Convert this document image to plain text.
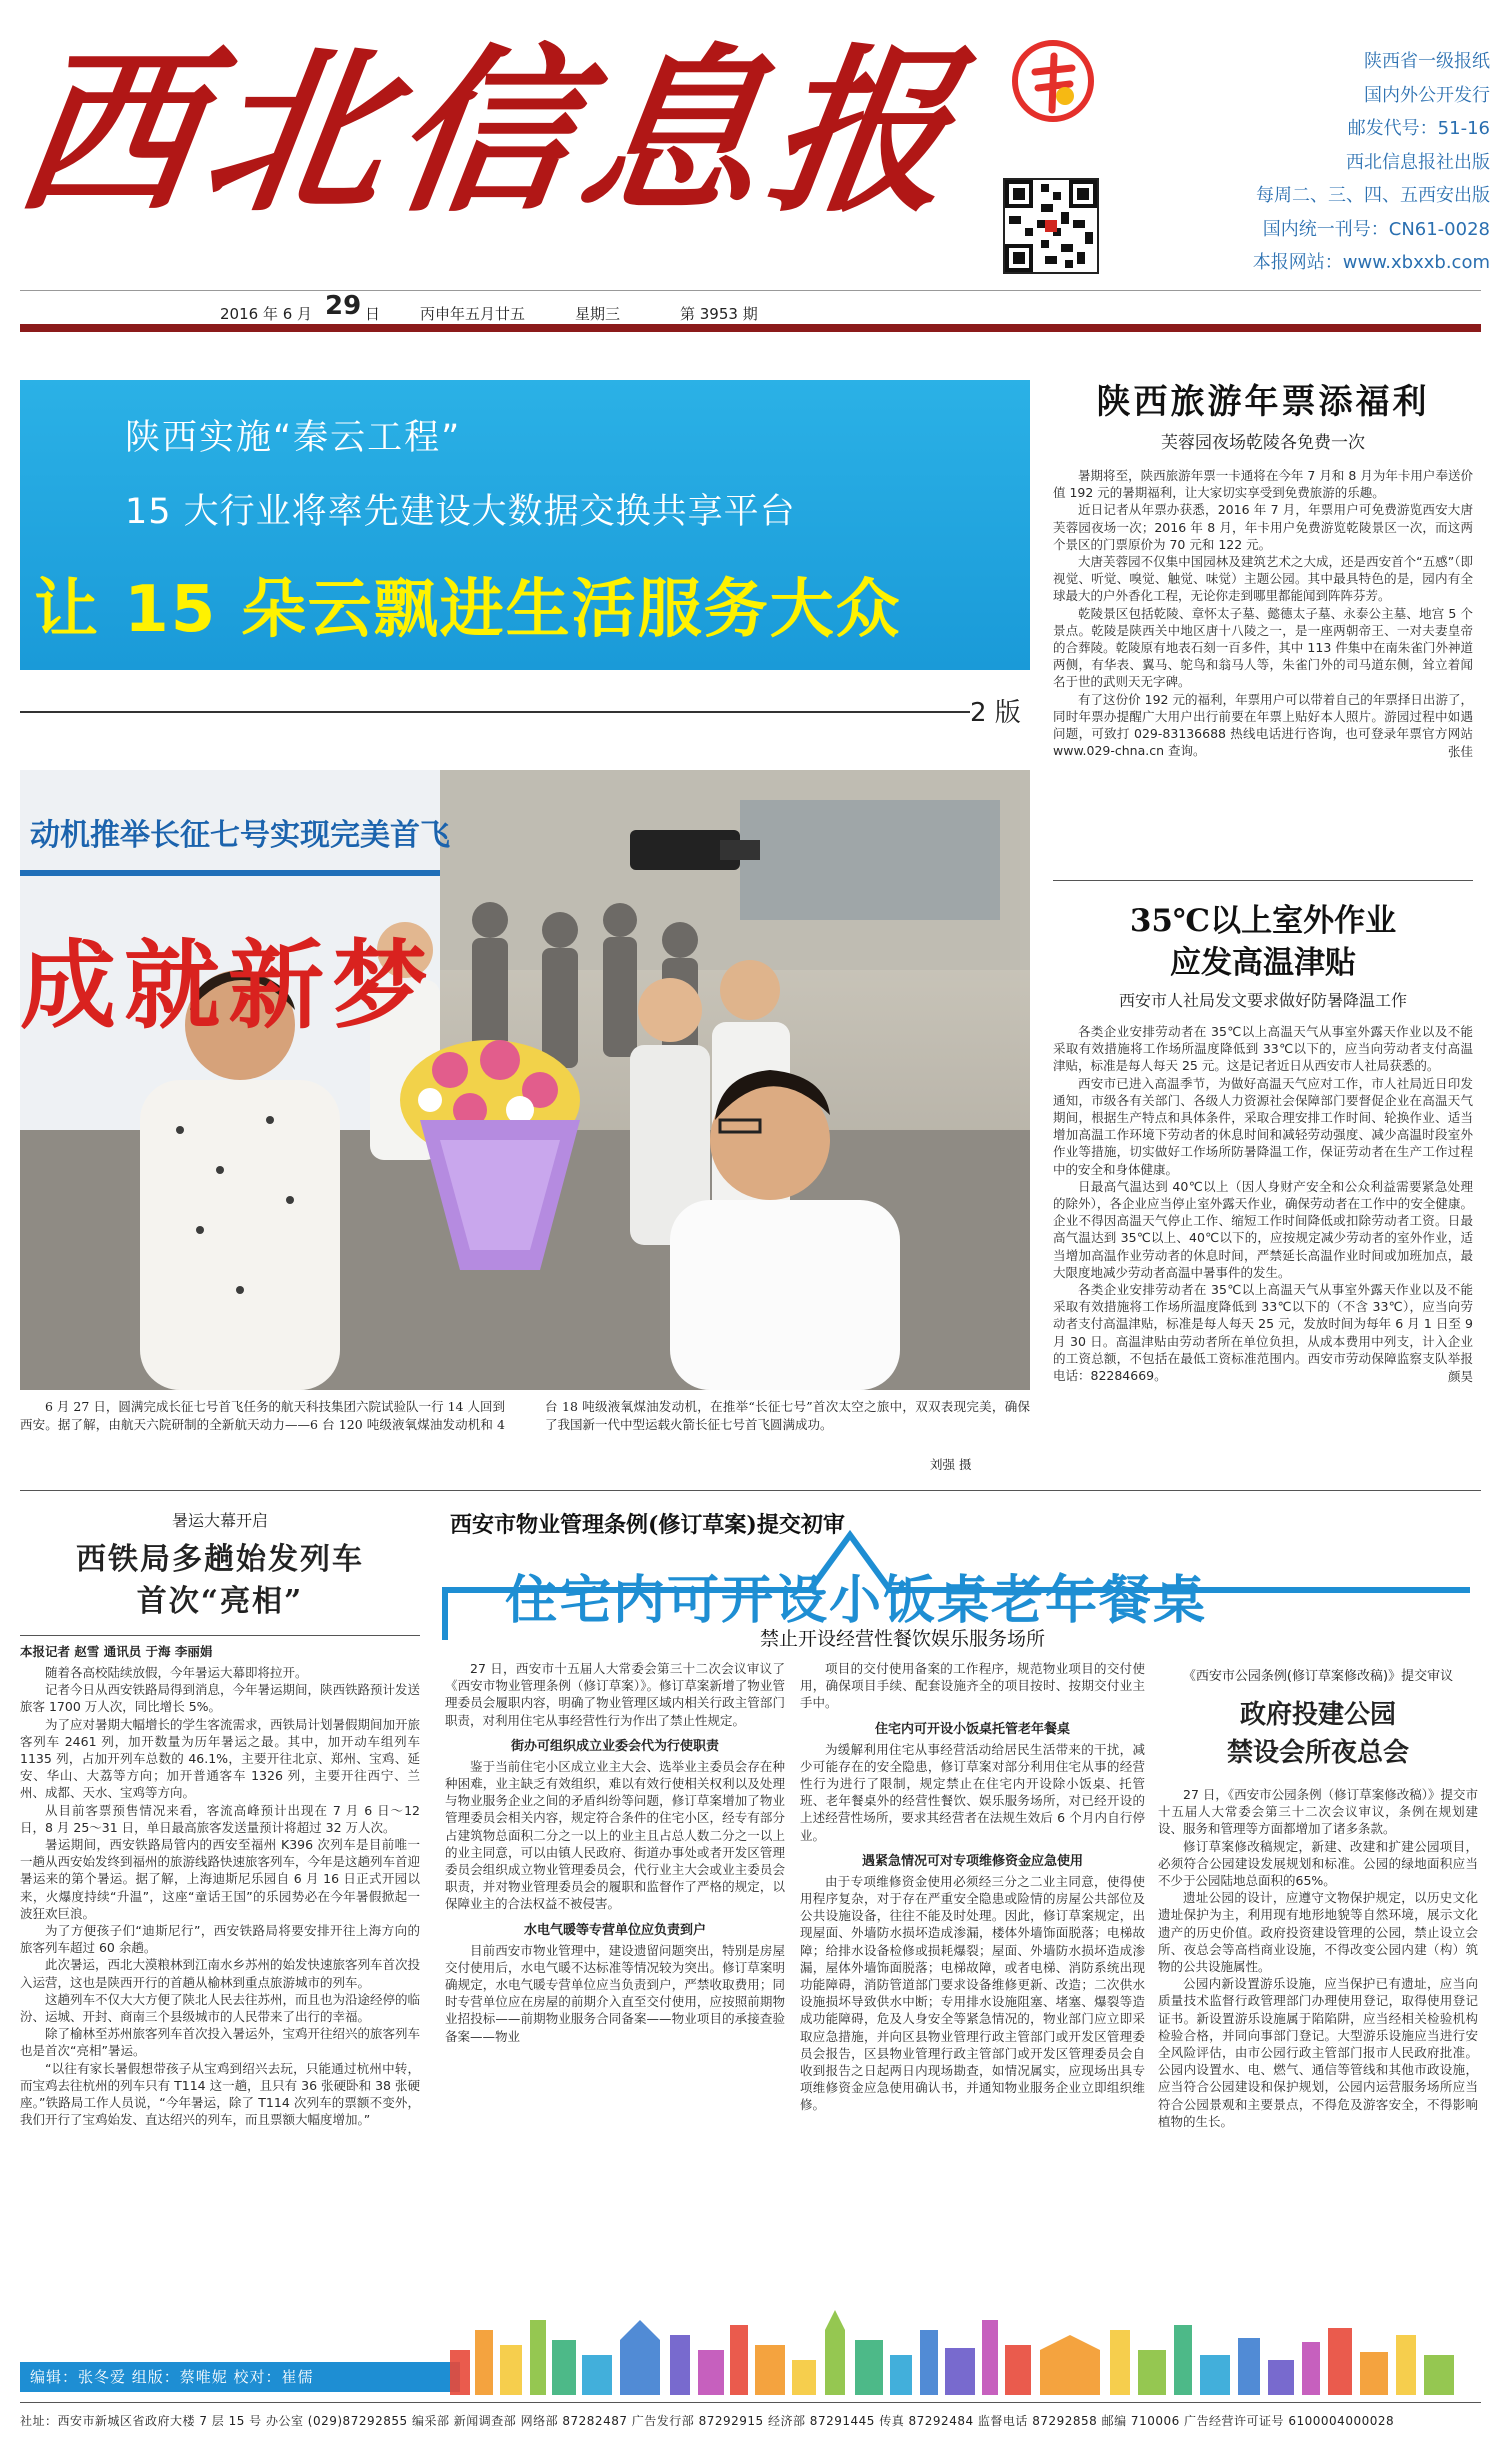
西北信息报	陕西省一级报纸
国内外公开发行
邮发代号：51-16
西北信息报社出版
每周二、三、四、五西安出版
国内统一刊号：CN61-0028
本报网站：www.xbxxb.com
2016 年 6 月 29 日	丙申年五月廿五	星期三	第 3953 期
陕西实施“秦云工程”
15 大行业将率先建设大数据交换共享平台
让 15 朵云飘进生活服务大众
2 版
成就新梦
动机推举长征七号实现完美首飞
6 月 27 日，圆满完成长征七号首飞任务的航天科技集团六院试验队一行 14 人回到西安。据了解，由航天六院研制的全新航天动力——6 台 120 吨级液氧煤油发动机和 4 台 18 吨级液氧煤油发动机，在推举“长征七号”首次太空之旅中，双双表现完美，确保了我国新一代中型运载火箭长征七号首飞圆满成功。
刘强 摄
陕西旅游年票添福利
芙蓉园夜场乾陵各免费一次

暑期将至，陕西旅游年票一卡通将在今年 7 月和 8 月为年卡用户奉送价值 192 元的暑期福利，让大家切实享受到免费旅游的乐趣。

近日记者从年票办获悉，2016 年 7 月，年票用户可免费游览西安大唐芙蓉园夜场一次；2016 年 8 月，年卡用户免费游览乾陵景区一次，而这两个景区的门票原价为 70 元和 122 元。

大唐芙蓉园不仅集中国园林及建筑艺术之大成，还是西安首个“五感”（即视觉、听觉、嗅觉、触觉、味觉）主题公园。其中最具特色的是，园内有全球最大的户外香化工程，无论你走到哪里都能闻到阵阵芬芳。

乾陵景区包括乾陵、章怀太子墓、懿德太子墓、永泰公主墓、地宫 5 个景点。乾陵是陕西关中地区唐十八陵之一，是一座两朝帝王、一对夫妻皇帝的合葬陵。乾陵原有地表石刻一百多件，其中 113 件集中在南朱雀门外神道两侧，有华表、翼马、鸵鸟和翁马人等，朱雀门外的司马道东侧，耸立着闻名于世的武则天无字碑。

有了这份价 192 元的福利，年票用户可以带着自己的年票择日出游了，同时年票办提醒广大用户出行前要在年票上贴好本人照片。游园过程中如遇问题，可致打 029-83136688 热线电话进行咨询，也可登录年票官方网站 www.029-chna.cn 查询。	张佳
35℃以上室外作业
应发高温津贴
西安市人社局发文要求做好防暑降温工作

各类企业安排劳动者在 35℃以上高温天气从事室外露天作业以及不能采取有效措施将工作场所温度降低到 33℃以下的，应当向劳动者支付高温津贴，标准是每人每天 25 元。这是记者近日从西安市人社局获悉的。

西安市已进入高温季节，为做好高温天气应对工作，市人社局近日印发通知，市级各有关部门、各级人力资源社会保障部门要督促企业在高温天气期间，根据生产特点和具体条件，采取合理安排工作时间、轮换作业、适当增加高温工作环境下劳动者的休息时间和减轻劳动强度、减少高温时段室外作业等措施，切实做好工作场所防暑降温工作，保证劳动者在生产工作过程中的安全和身体健康。

日最高气温达到 40℃以上（因人身财产安全和公众利益需要紧急处理的除外），各企业应当停止室外露天作业，确保劳动者在工作中的安全健康。企业不得因高温天气停止工作、缩短工作时间降低或扣除劳动者工资。日最高气温达到 35℃以上、40℃以下的，应按规定减少劳动者的室外作业，适当增加高温作业劳动者的休息时间，严禁延长高温作业时间或加班加点，最大限度地减少劳动者高温中暑事件的发生。

各类企业安排劳动者在 35℃以上高温天气从事室外露天作业以及不能采取有效措施将工作场所温度降低到 33℃以下的（不含 33℃），应当向劳动者支付高温津贴，标准是每人每天 25 元，发放时间为每年 6 月 1 日至 9 月 30 日。高温津贴由劳动者所在单位负担，从成本费用中列支，计入企业的工资总额，不包括在最低工资标准范围内。西安市劳动保障监察支队举报电话：82284669。	颜昊
暑运大幕开启
西铁局多趟始发列车
首次“亮相”
本报记者 赵雪 通讯员 于海 李丽娟

随着各高校陆续放假，今年暑运大幕即将拉开。

记者今日从西安铁路局得到消息，今年暑运期间，陕西铁路预计发送旅客 1700 万人次，同比增长 5%。

为了应对暑期大幅增长的学生客流需求，西铁局计划暑假期间加开旅客列车 2461 列，加开数量为历年暑运之最。其中，加开动车组列车 1135 列，占加开列车总数的 46.1%，主要开往北京、郑州、宝鸡、延安、华山、大荔等方向；加开普通客车 1326 列，主要开往西宁、兰州、成都、天水、宝鸡等方向。

从目前客票预售情况来看，客流高峰预计出现在 7 月 6 日～12 日，8 月 25～31 日，单日最高旅客发送量预计将超过 32 万人次。

暑运期间，西安铁路局管内的西安至福州 K396 次列车是目前唯一一趟从西安始发终到福州的旅游线路快速旅客列车，今年是这趟列车首迎暑运来的第个暑运。据了解，上海迪斯尼乐园自 6 月 16 日正式开园以来，火爆度持续“升温”，这座“童话王国”的乐园势必在今年暑假掀起一波狂欢巨浪。

为了方便孩子们“迪斯尼行”，西安铁路局将要安排开往上海方向的旅客列车超过 60 余趟。

此次暑运，西北大漠粮林到江南水乡苏州的始发快速旅客列车首次投入运营，这也是陕西开行的首趟从榆林到重点旅游城市的列车。

这趟列车不仅大大方便了陕北人民去往苏州，而且也为沿途经停的临汾、运城、开封、商南三个县级城市的人民带来了出行的幸福。

除了榆林至苏州旅客列车首次投入暑运外，宝鸡开往绍兴的旅客列车也是首次“亮相”暑运。

“以往有家长暑假想带孩子从宝鸡到绍兴去玩，只能通过杭州中转，而宝鸡去往杭州的列车只有 T114 这一趟，且只有 36 张硬卧和 38 张硬座。”铁路局工作人员说，“今年暑运，除了 T114 次列车的票额不变外，我们开行了宝鸡始发、直达绍兴的列车，而且票额大幅度增加。”

编辑：张冬爱 组版：蔡唯妮 校对：崔儒
西安市物业管理条例(修订草案)提交初审
住宅内可开设小饭桌老年餐桌
禁止开设经营性餐饮娱乐服务场所

27 日，西安市十五届人大常委会第三十二次会议审议了《西安市物业管理条例（修订草案）》。修订草案新增了物业管理委员会履职内容，明确了物业管理区域内相关行政主管部门职责，对利用住宅从事经营性行为作出了禁止性规定。

街办可组织成立业委会代为行使职责

鉴于当前住宅小区成立业主大会、选举业主委员会存在种种困难，业主缺乏有效组织，难以有效行使相关权利以及处理与物业服务企业之间的矛盾纠纷等问题，修订草案增加了物业管理委员会相关内容，规定符合条件的住宅小区，经专有部分占建筑物总面积二分之一以上的业主且占总人数二分之一以上的业主同意，可以由镇人民政府、街道办事处或者开发区管理委员会组织成立物业管理委员会，代行业主大会或业主委员会职责，并对物业管理委员会的履职和监督作了严格的规定，以保障业主的合法权益不被侵害。

水电气暖等专营单位应负责到户

目前西安市物业管理中，建设遗留问题突出，特别是房屋交付使用后，水电气暖不达标准等情况较为突出。修订草案明确规定，水电气暖专营单位应当负责到户，严禁收取费用；同时专营单位应在房屋的前期介入直至交付使用，应按照前期物业招投标——前期物业服务合同备案——物业项目的承接查验备案——物业

项目的交付使用备案的工作程序，规范物业项目的交付使用，确保项目手续、配套设施齐全的项目按时、按期交付业主手中。

住宅内可开设小饭桌托管老年餐桌

为缓解利用住宅从事经营活动给居民生活带来的干扰，减少可能存在的安全隐患，修订草案对部分利用住宅从事的经营性行为进行了限制，规定禁止在住宅内开设除小饭桌、托管班、老年餐桌外的经营性餐饮、娱乐服务场所，对已经开设的上述经营性场所，要求其经营者在法规生效后 6 个月内自行停业。

遇紧急情况可对专项维修资金应急使用

由于专项维修资金使用必须经三分之二业主同意，使得使用程序复杂，对于存在严重安全隐患或险情的房屋公共部位及公共设施设备，往往不能及时处理。因此，修订草案规定，出现屋面、外墙防水损坏造成渗漏，楼体外墙饰面脱落；电梯故障；给排水设备检修或损耗爆裂；屋面、外墙防水损坏造成渗漏，屋体外墙饰面脱落；电梯故障，或者电梯、消防系统出现功能障碍，消防管道部门要求设备维修更新、改造；二次供水设施损坏导致供水中断；专用排水设施阻塞、堵塞、爆裂等造成功能障碍，危及人身安全等紧急情况的，物业部门应立即采取应急措施，并向区县物业管理行政主管部门或开发区管理委员会报告，区县物业管理行政主管部门或开发区管理委员会自收到报告之日起两日内现场勘查，如情况属实，应现场出具专项维修资金应急使用确认书，并通知物业服务企业立即组织维修。

《西安市公园条例(修订草案修改稿)》提交审议
政府投建公园
禁设会所夜总会

27 日，《西安市公园条例（修订草案修改稿）》提交市十五届人大常委会第三十二次会议审议，条例在规划建设、服务和管理等方面都增加了诸多条款。

修订草案修改稿规定，新建、改建和扩建公园项目，必须符合公园建设发展规划和标准。公园的绿地面积应当不少于公园陆地总面积的65%。

遗址公园的设计，应遵守文物保护规定，以历史文化遗址保护为主，利用现有地形地貌等自然环境，展示文化遗产的历史价值。政府投资建设管理的公园，禁止设立会所、夜总会等高档商业设施，不得改变公园内建（构）筑物的公共设施属性。

公园内新设置游乐设施，应当保护已有遗址，应当向质量技术监督行政管理部门办理使用登记，取得使用登记证书。新设置游乐设施属于陷陷阱，应当经相关检验机构检验合格，并同向事部门登记。大型游乐设施应当进行安全风险评估，由市公园行政主管部门报市人民政府批准。公园内设置水、电、燃气、通信等管线和其他市政设施，应当符合公园建设和保护规划，公园内运营服务场所应当符合公园景观和主要景点，不得危及游客安全，不得影响植物的生长。

社址：西安市新城区省政府大楼 7 层 15 号 办公室 (029)87292855 编采部 新闻调查部 网络部 87282487 广告发行部 87292915 经济部 87291445 传真 87292484 监督电话 87292858 邮编 710006 广告经营许可证号 6100004000028
